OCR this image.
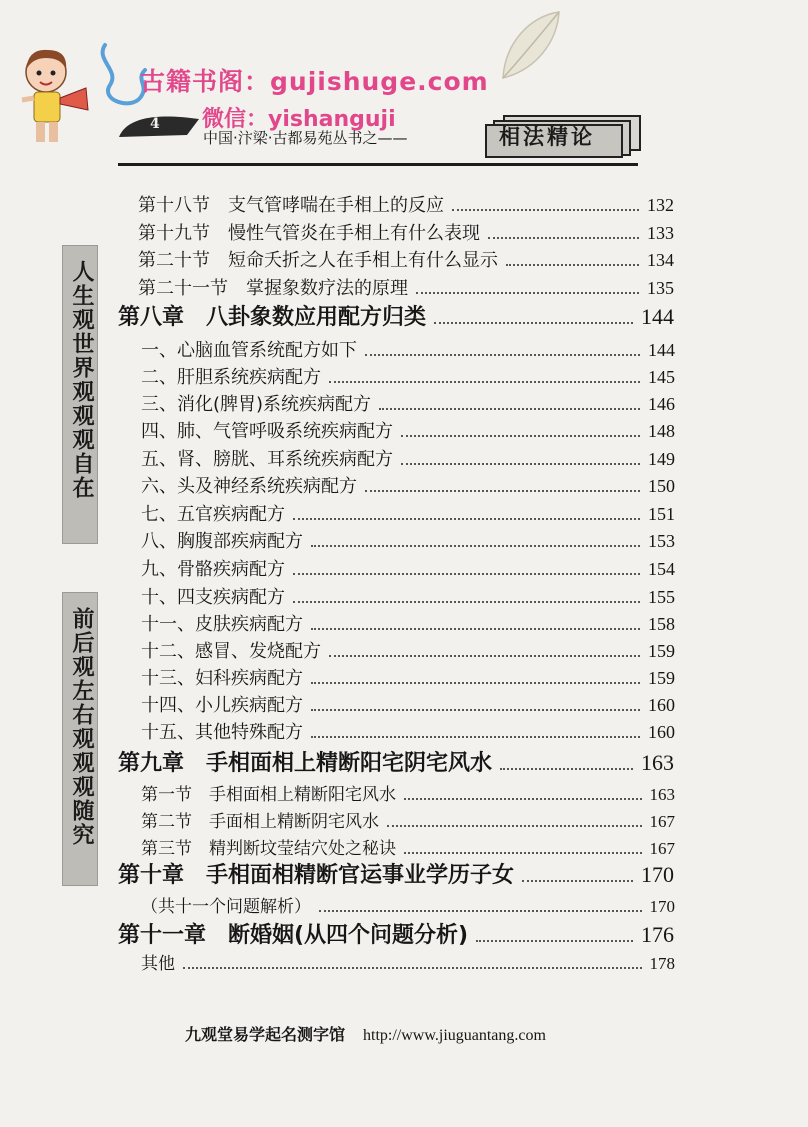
古籍书阁：gujishuge.com
微信：yishanguji
4
中国·汴梁·古都易苑丛书之——	相法精论
人生观世界观观观自在
前后观左右观观观随究
第十八节　支气管哮喘在手相上的反应	132
第十九节　慢性气管炎在手相上有什么表现	133
第二十节　短命夭折之人在手相上有什么显示	134
第二十一节　掌握象数疗法的原理	135
第八章　八卦象数应用配方归类	144
一、心脑血管系统配方如下	144
二、肝胆系统疾病配方	145
三、消化(脾胃)系统疾病配方	146
四、肺、气管呼吸系统疾病配方	148
五、肾、膀胱、耳系统疾病配方	149
六、头及神经系统疾病配方	150
七、五官疾病配方	151
八、胸腹部疾病配方	153
九、骨骼疾病配方	154
十、四支疾病配方	155
十一、皮肤疾病配方	158
十二、感冒、发烧配方	159
十三、妇科疾病配方	159
十四、小儿疾病配方	160
十五、其他特殊配方	160
第九章　手相面相上精断阳宅阴宅风水	163
第一节　手相面相上精断阳宅风水	163
第二节　手面相上精断阴宅风水	167
第三节　精判断坟莹结穴处之秘诀	167
第十章　手相面相精断官运事业学历子女	170
（共十一个问题解析）	170
第十一章　断婚姻(从四个问题分析)	176
其他	178
九观堂易学起名测字馆 http://www.jiuguantang.com
